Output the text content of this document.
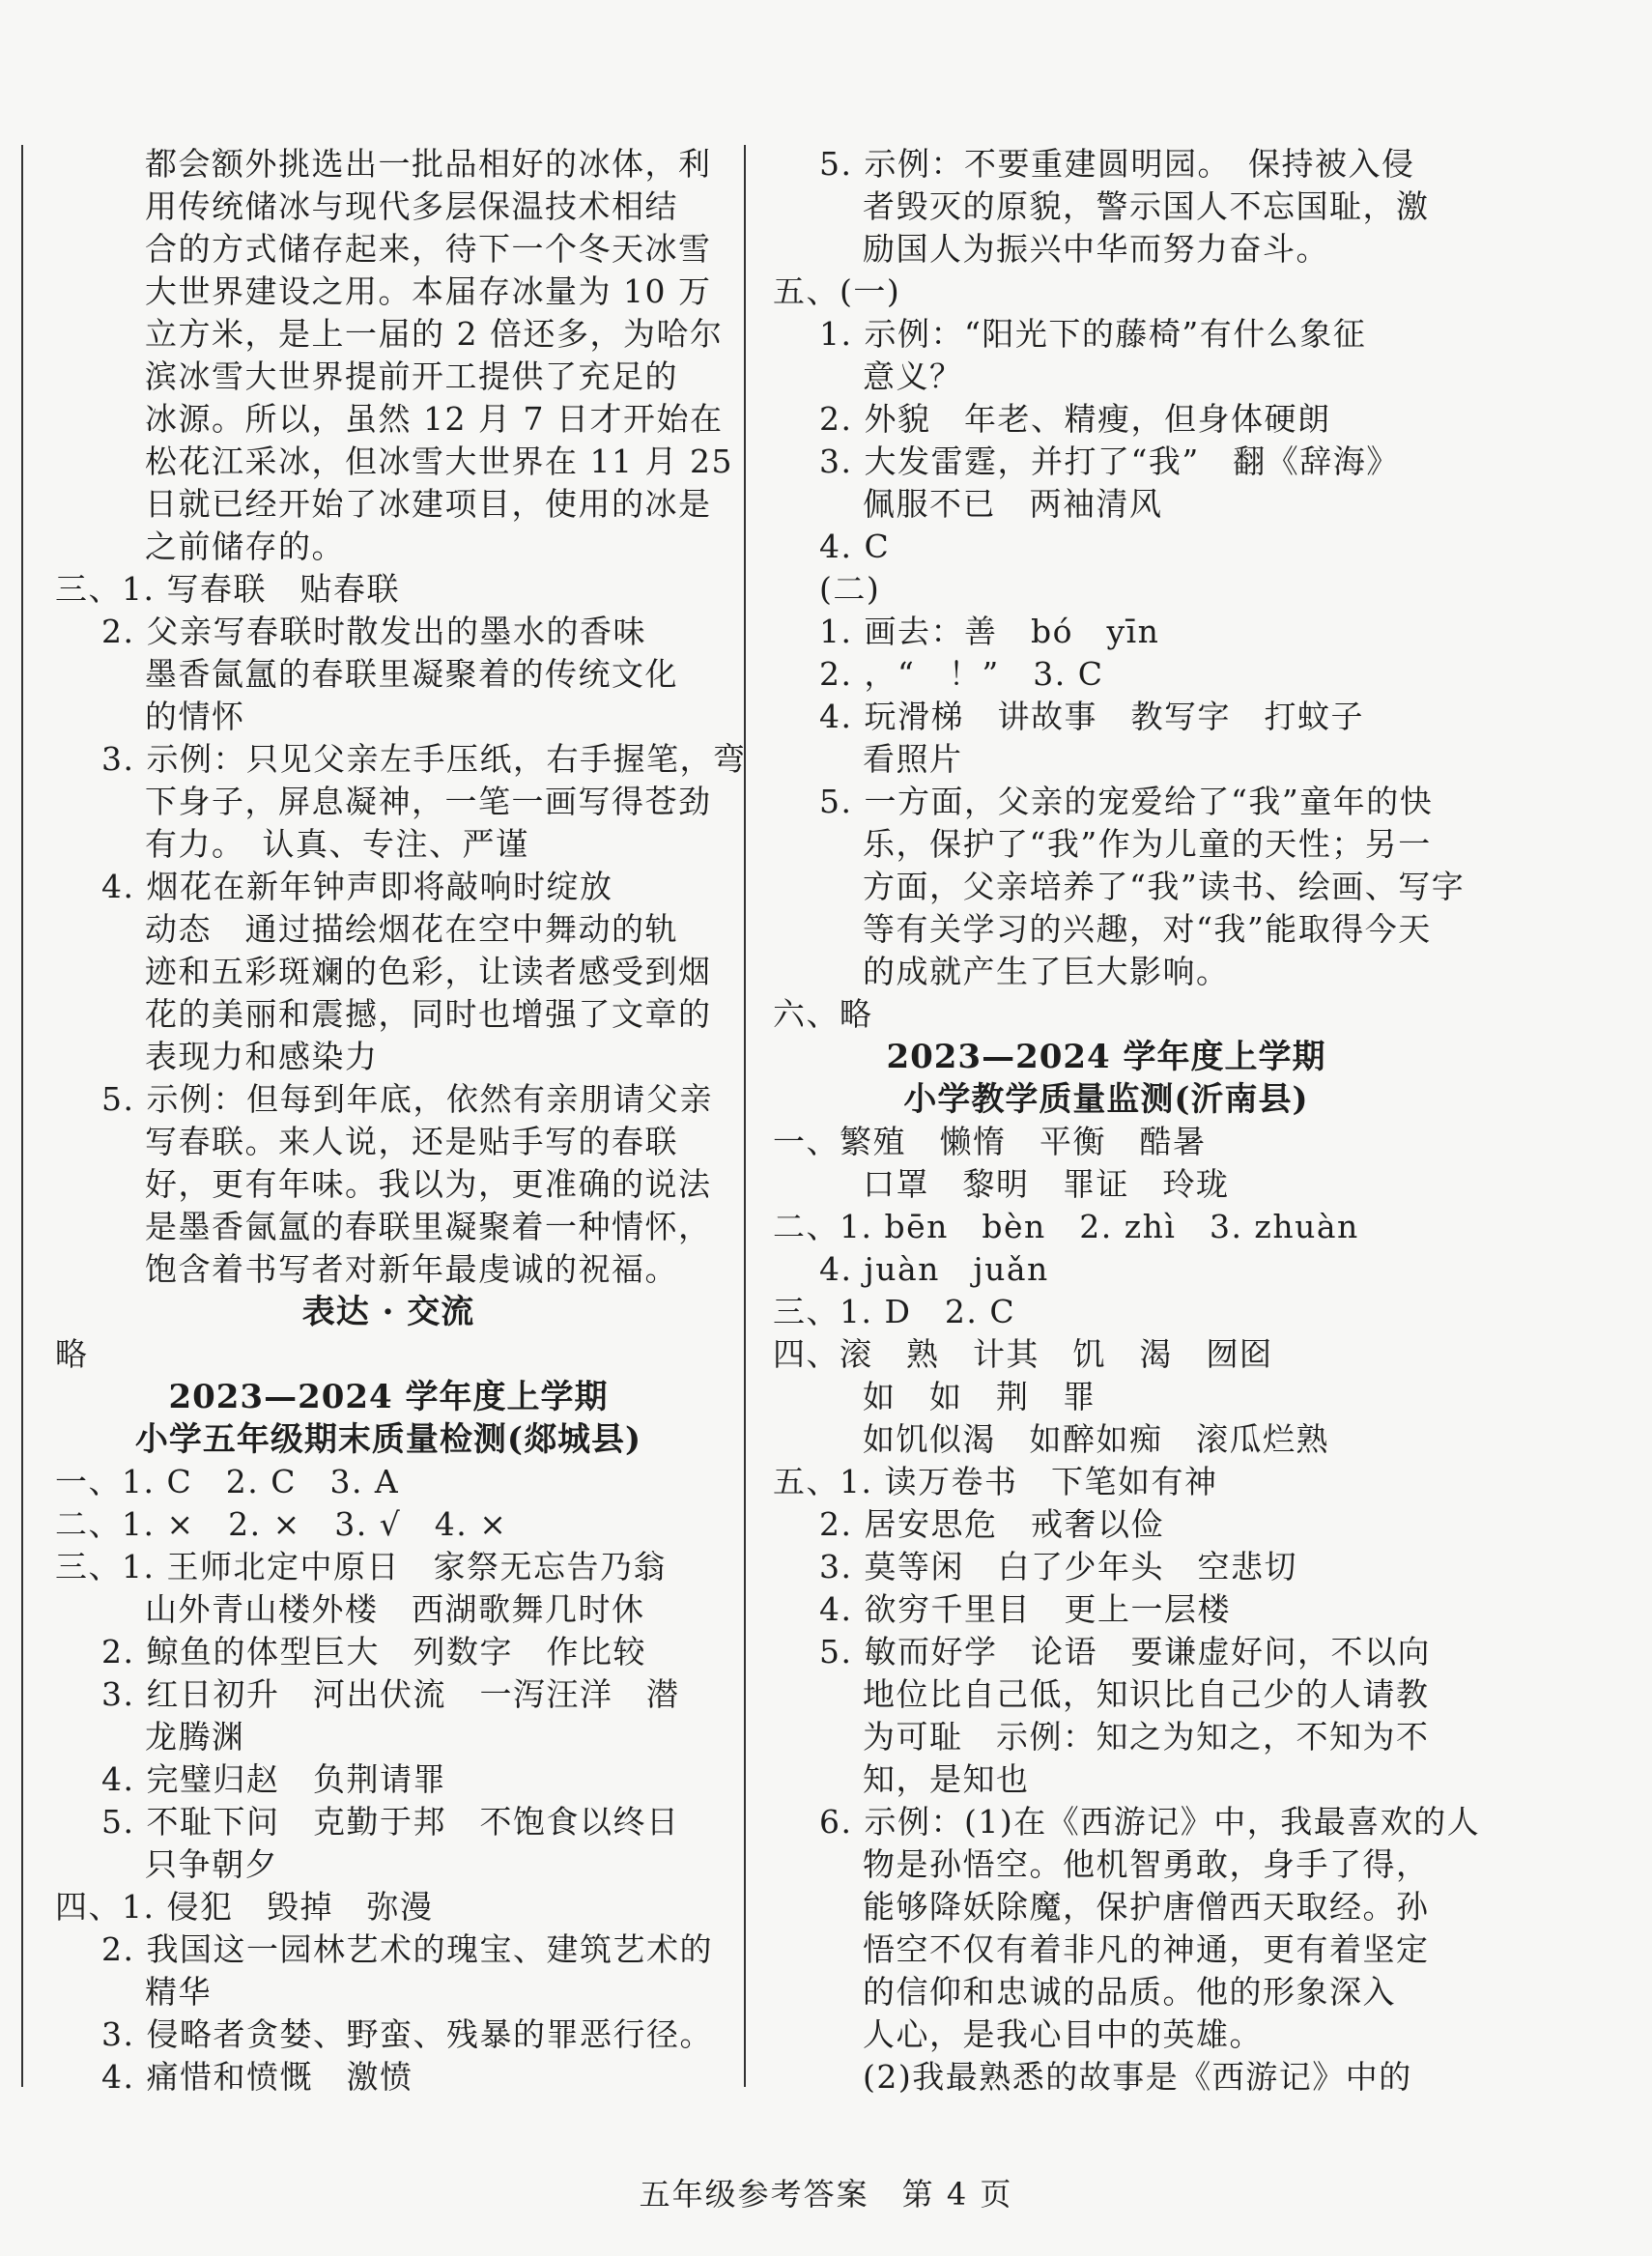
都会额外挑选出一批品相好的冰体，利
用传统储冰与现代多层保温技术相结
合的方式储存起来，待下一个冬天冰雪
大世界建设之用。本届存冰量为 10 万
立方米，是上一届的 2 倍还多，为哈尔
滨冰雪大世界提前开工提供了充足的
冰源。所以，虽然 12 月 7 日才开始在
松花江采冰，但冰雪大世界在 11 月 25
日就已经开始了冰建项目，使用的冰是
之前储存的。
三、1. 写春联　贴春联
2. 父亲写春联时散发出的墨水的香味
墨香氤氲的春联里凝聚着的传统文化
的情怀
3. 示例：只见父亲左手压纸，右手握笔，弯
下身子，屏息凝神，一笔一画写得苍劲
有力。　认真、专注、严谨
4. 烟花在新年钟声即将敲响时绽放
动态　通过描绘烟花在空中舞动的轨
迹和五彩斑斓的色彩，让读者感受到烟
花的美丽和震撼，同时也增强了文章的
表现力和感染力
5. 示例：但每到年底，依然有亲朋请父亲
写春联。来人说，还是贴手写的春联
好，更有年味。我以为，更准确的说法
是墨香氤氲的春联里凝聚着一种情怀，
饱含着书写者对新年最虔诚的祝福。
表达 · 交流
略
2023—2024 学年度上学期
小学五年级期末质量检测(郯城县)
一、1. C　2. C　3. A
二、1. ×　2. ×　3. √　4. ×
三、1. 王师北定中原日　家祭无忘告乃翁
山外青山楼外楼　西湖歌舞几时休
2. 鲸鱼的体型巨大　列数字　作比较
3. 红日初升　河出伏流　一泻汪洋　潜
龙腾渊
4. 完璧归赵　负荆请罪
5. 不耻下问　克勤于邦　不饱食以终日
只争朝夕
四、1. 侵犯　毁掉　弥漫
2. 我国这一园林艺术的瑰宝、建筑艺术的
精华
3. 侵略者贪婪、野蛮、残暴的罪恶行径。
4. 痛惜和愤慨　激愤
5. 示例：不要重建圆明园。　保持被入侵
者毁灭的原貌，警示国人不忘国耻，激
励国人为振兴中华而努力奋斗。
五、(一)
1. 示例：“阳光下的藤椅”有什么象征
意义？
2. 外貌　年老、精瘦，但身体硬朗
3. 大发雷霆，并打了“我”　翻《辞海》
佩服不已　两袖清风
4. C
(二)
1. 画去：善　bó　yīn
2. ，“　！”　3. C
4. 玩滑梯　讲故事　教写字　打蚊子
看照片
5. 一方面，父亲的宠爱给了“我”童年的快
乐，保护了“我”作为儿童的天性；另一
方面，父亲培养了“我”读书、绘画、写字
等有关学习的兴趣，对“我”能取得今天
的成就产生了巨大影响。
六、略
2023—2024 学年度上学期
小学教学质量监测(沂南县)
一、繁殖　懒惰　平衡　酷暑
口罩　黎明　罪证　玲珑
二、1. bēn　bèn　2. zhì　3. zhuàn
4. juàn　juǎn
三、1. D　2. C
四、滚　熟　计其　饥　渴　囫囵
如　如　荆　罪
如饥似渴　如醉如痴　滚瓜烂熟
五、1. 读万卷书　下笔如有神
2. 居安思危　戒奢以俭
3. 莫等闲　白了少年头　空悲切
4. 欲穷千里目　更上一层楼
5. 敏而好学　论语　要谦虚好问，不以向
地位比自己低，知识比自己少的人请教
为可耻　示例：知之为知之，不知为不
知，是知也
6. 示例：(1)在《西游记》中，我最喜欢的人
物是孙悟空。他机智勇敢，身手了得，
能够降妖除魔，保护唐僧西天取经。孙
悟空不仅有着非凡的神通，更有着坚定
的信仰和忠诚的品质。他的形象深入
人心，是我心目中的英雄。
(2)我最熟悉的故事是《西游记》中的
五年级参考答案　第 4 页
